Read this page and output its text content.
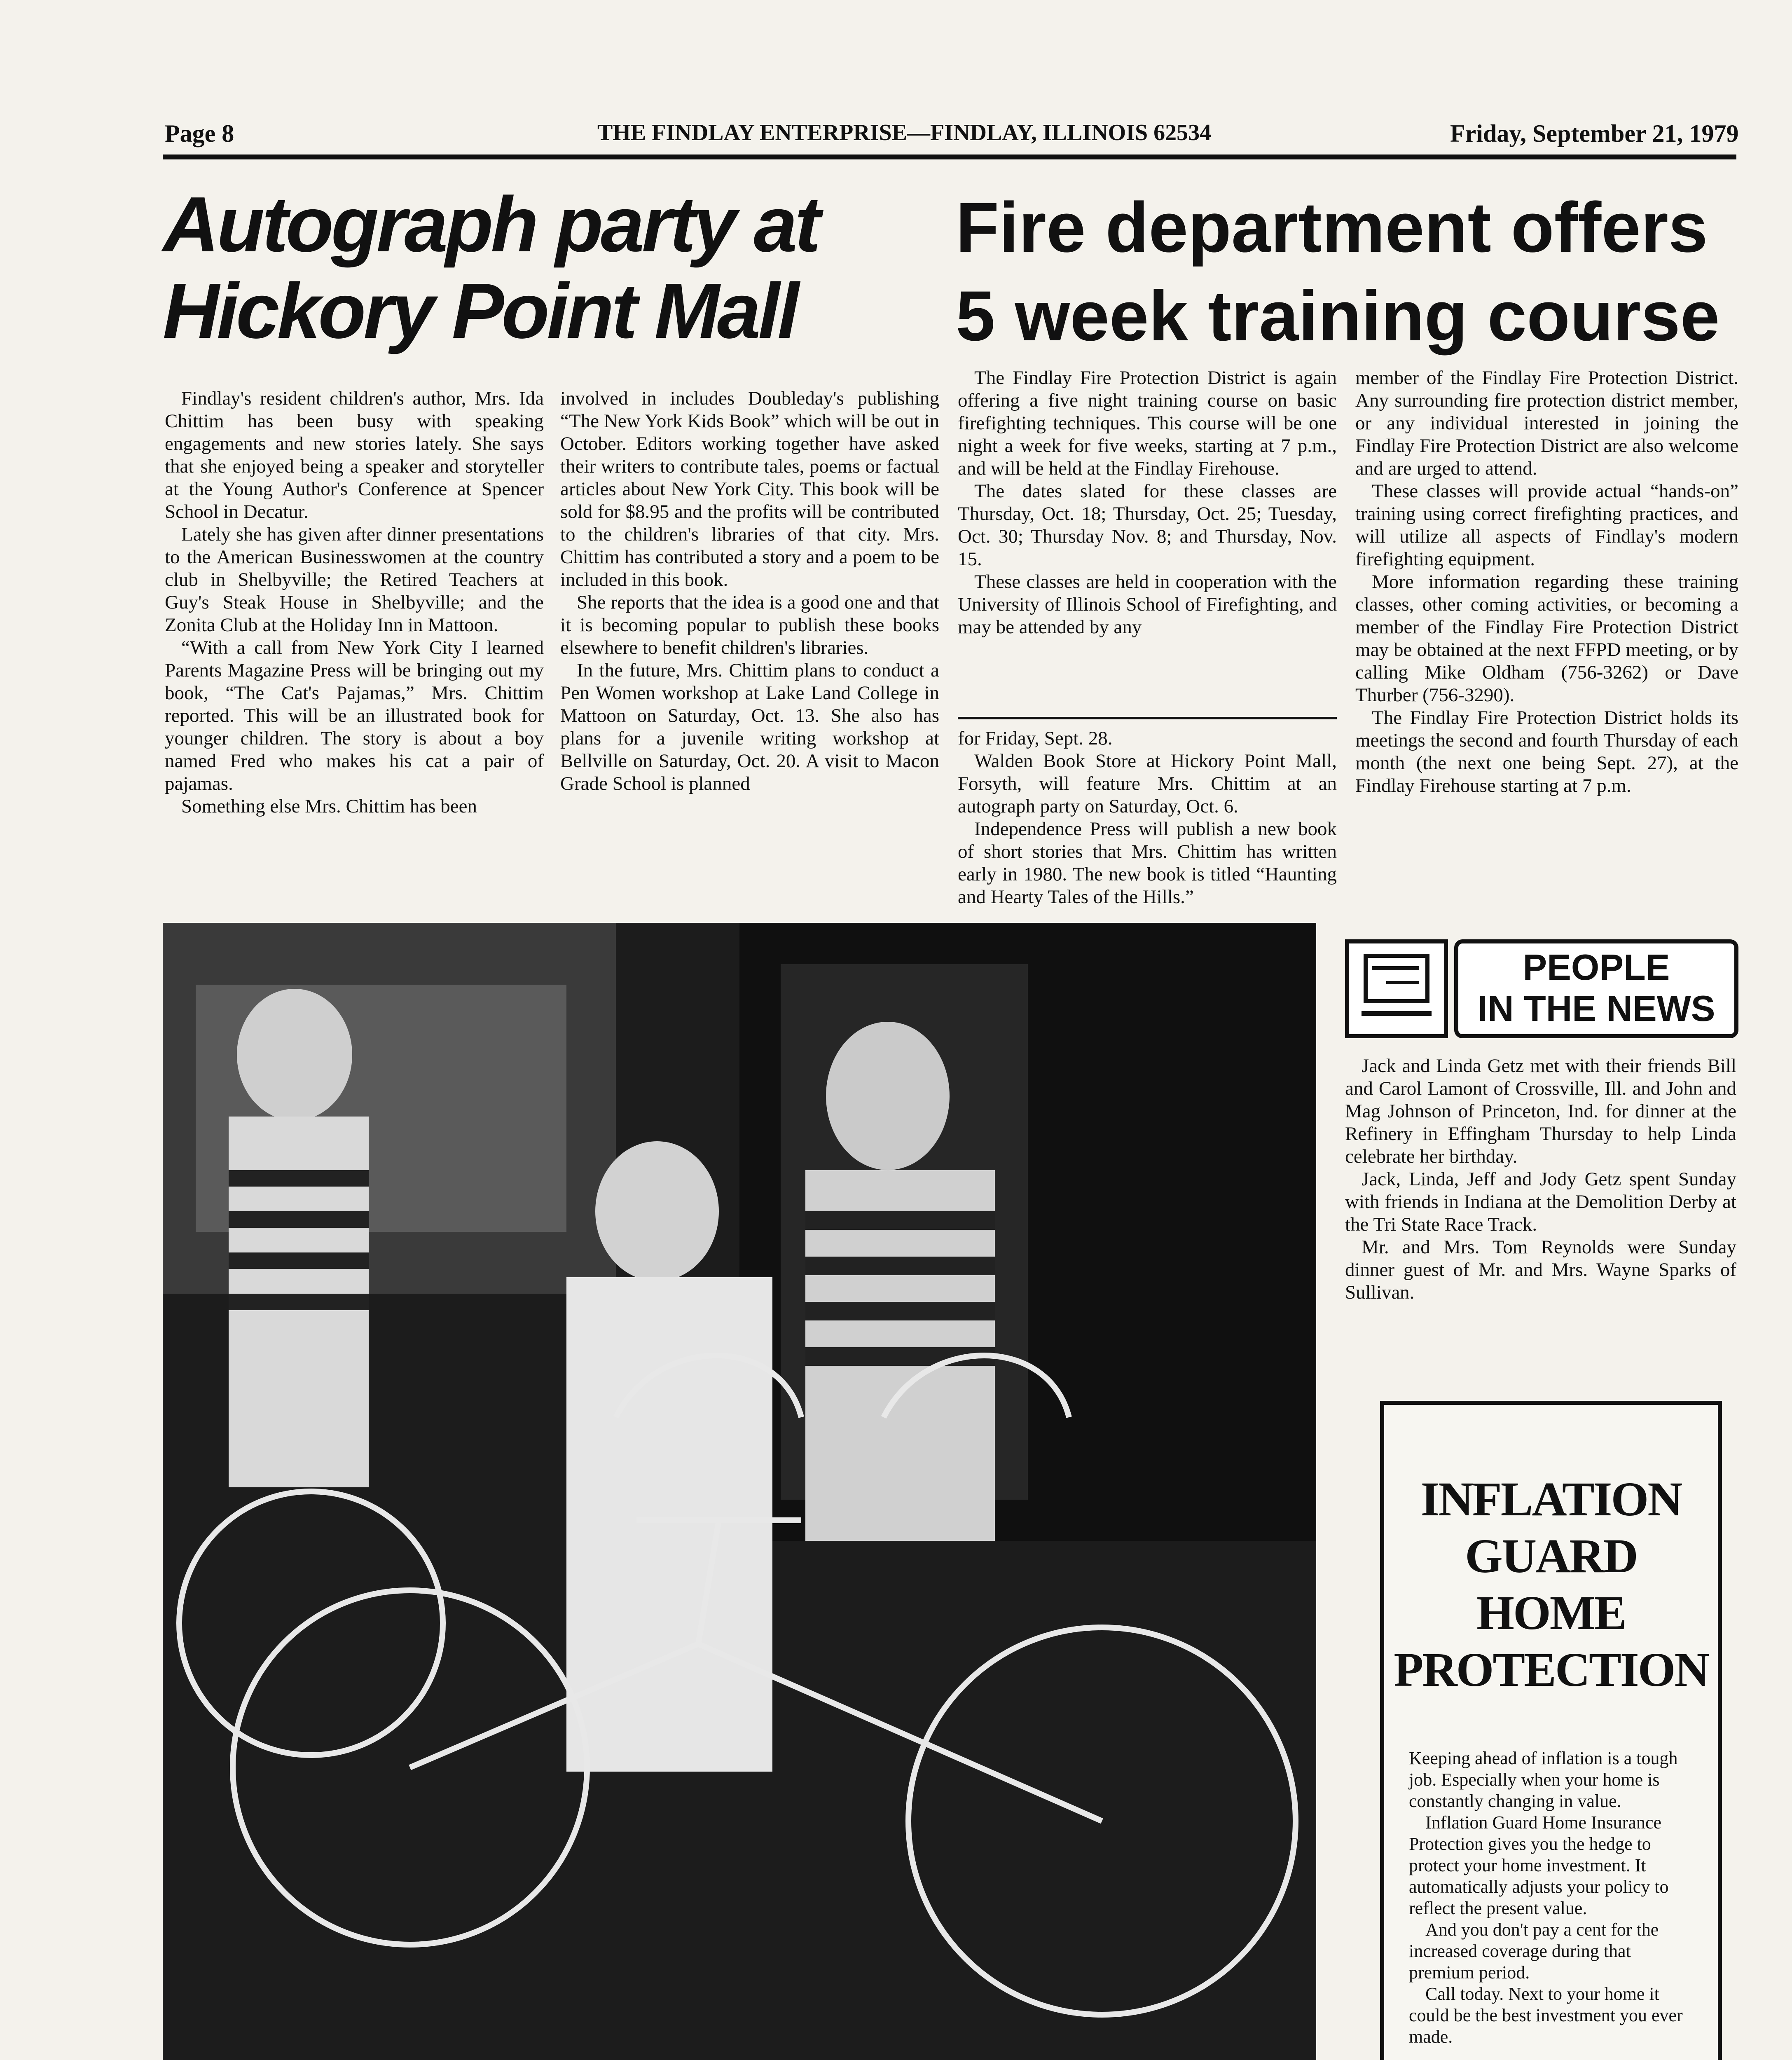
Page 8	THE FINDLAY ENTERPRISE—FINDLAY, ILLINOIS 62534	Friday, September 21, 1979
Autograph party at
Hickory Point Mall

Findlay's resident children's author, Mrs. Ida Chittim has been busy with speaking engagements and new stories lately. She says that she enjoyed being a speaker and storyteller at the Young Author's Conference at Spencer School in Decatur.

Lately she has given after dinner presentations to the American Businesswomen at the country club in Shelbyville; the Retired Teachers at Guy's Steak House in Shelbyville; and the Zonita Club at the Holiday Inn in Mattoon.

“With a call from New York City I learned Parents Magazine Press will be bringing out my book, “The Cat's Pajamas,” Mrs. Chittim reported. This will be an illustrated book for younger children. The story is about a boy named Fred who makes his cat a pair of pajamas.

Something else Mrs. Chittim has been

involved in includes Doubleday's publishing “The New York Kids Book” which will be out in October. Editors working together have asked their writers to contribute tales, poems or factual articles about New York City. This book will be sold for $8.95 and the profits will be contributed to the children's libraries of that city. Mrs. Chittim has contributed a story and a poem to be included in this book.

She reports that the idea is a good one and that it is becoming popular to publish these books elsewhere to benefit children's libraries.

In the future, Mrs. Chittim plans to conduct a Pen Women workshop at Lake Land College in Mattoon on Saturday, Oct. 13. She also has plans for a juvenile writing workshop at Bellville on Saturday, Oct. 20. A visit to Macon Grade School is planned

for Friday, Sept. 28.

Walden Book Store at Hickory Point Mall, Forsyth, will feature Mrs. Chittim at an autograph party on Saturday, Oct. 6.

Independence Press will publish a new book of short stories that Mrs. Chittim has written early in 1980. The new book is titled “Haunting and Hearty Tales of the Hills.”

Fire department offers
5 week training course

The Findlay Fire Protection District is again offering a five night training course on basic firefighting techniques. This course will be one night a week for five weeks, starting at 7 p.m., and will be held at the Findlay Firehouse.

The dates slated for these classes are Thursday, Oct. 18; Thursday, Oct. 25; Tuesday, Oct. 30; Thursday Nov. 8; and Thursday, Nov. 15.

These classes are held in cooperation with the University of Illinois School of Firefighting, and may be attended by any

member of the Findlay Fire Protection District. Any surrounding fire protection district member, or any individual interested in joining the Findlay Fire Protection District are also welcome and are urged to attend.

These classes will provide actual “hands-on” training using correct firefighting practices, and will utilize all aspects of Findlay's modern firefighting equipment.

More information regarding these training classes, other coming activities, or becoming a member of the Findlay Fire Protection District may be obtained at the next FFPD meeting, or by calling Mike Oldham (756-3262) or Dave Thurber (756-3290).

The Findlay Fire Protection District holds its meetings the second and fourth Thursday of each month (the next one being Sept. 27), at the Findlay Firehouse starting at 7 p.m.

PEOPLE
IN THE NEWS

Jack and Linda Getz met with their friends Bill and Carol Lamont of Crossville, Ill. and John and Mag Johnson of Princeton, Ind. for dinner at the Refinery in Effingham Thursday to help Linda celebrate her birthday.

Jack, Linda, Jeff and Jody Getz spent Sunday with friends in Indiana at the Demolition Derby at the Tri State Race Track.

Mr. and Mrs. Tom Reynolds were Sunday dinner guest of Mr. and Mrs. Wayne Sparks of Sullivan.

INFLATION
GUARD
HOME
PROTECTION

Keeping ahead of inflation is a tough job. Especially when your home is constantly changing in value.

Inflation Guard Home Insurance Protection gives you the hedge to protect your home investment. It automatically adjusts your policy to reflect the present value.

And you don't pay a cent for the increased coverage during that premium period.

Call today. Next to your home it could be the best investment you ever made.
